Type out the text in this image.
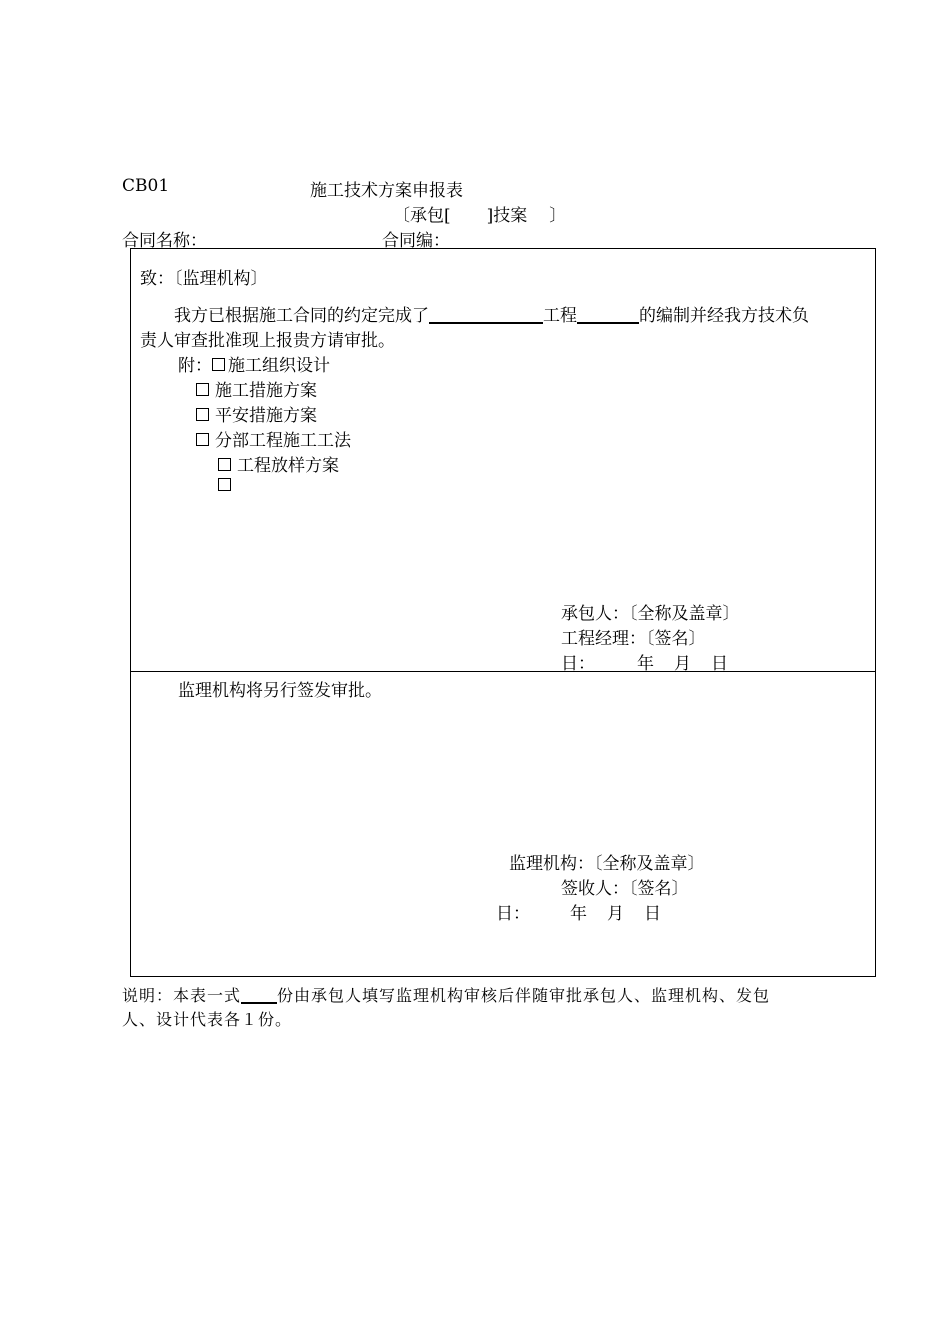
CB01	施工技术方案申报表
〔承包[ ]技案 〕
合同名称：	合同编：
致：〔监理机构〕
我方已根据施工合同的约定完成了	工程	的编制并经我方技术负
责人审查批准现上报贵方请审批。
附： 施工组织设计
施工措施方案
平安措施方案
分部工程施工工法
工程放样方案
承包人：〔全称及盖章〕
工程经理：〔签名〕
日： 年 月 日
监理机构将另行签发审批。
监理机构：〔全称及盖章〕
签收人：〔签名〕
日： 年 月 日
说明：本表一式 份由承包人填写监理机构审核后伴随审批承包人、监理机构、发包
人、设计代表各１份。
